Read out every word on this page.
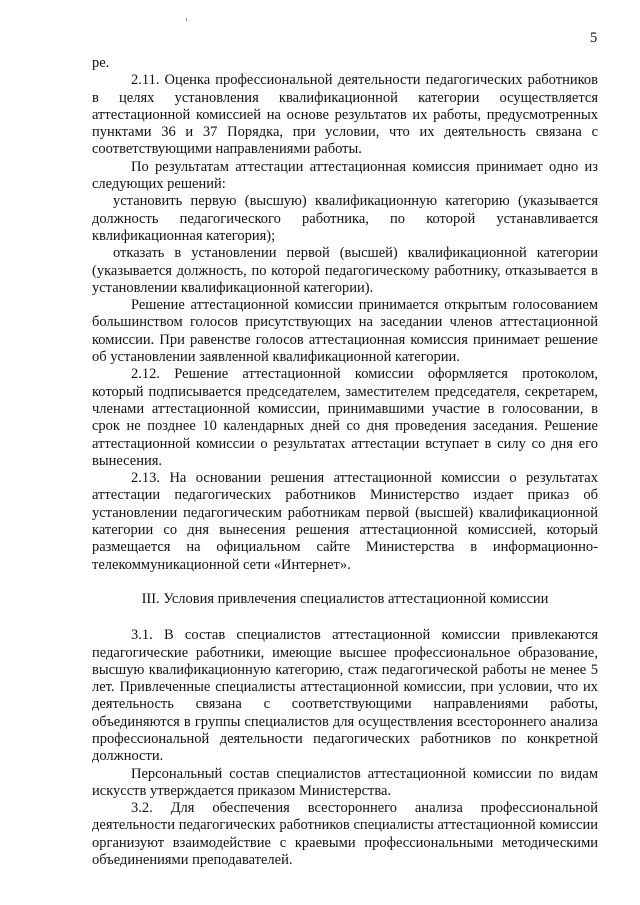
5

ре.

2.11. Оценка профессиональной деятельности педагогических работников в целях установления квалификационной категории осуществляется аттестационной комиссией на основе результатов их работы, предусмотренных пунктами 36 и 37 Порядка, при условии, что их деятельность связана с соответствующими направлениями работы.

По результатам аттестации аттестационная комиссия принимает одно из следующих решений:

установить первую (высшую) квалификационную категорию (указывается должность педагогического работника, по которой устанавливается квлификационная категория);

отказать в установлении первой (высшей) квалификационной категории (указывается должность, по которой педагогическому работнику, отказывается в установлении квалификационной категории).

Решение аттестационной комиссии принимается открытым голосованием большинством голосов присутствующих на заседании членов аттестационной комиссии. При равенстве голосов аттестационная комиссия принимает решение об установлении заявленной квалификационной категории.

2.12. Решение аттестационной комиссии оформляется протоколом, который подписывается председателем, заместителем председателя, секретарем, членами аттестационной комиссии, принимавшими участие в голосовании, в срок не позднее 10 календарных дней со дня проведения заседания. Решение аттестационной комиссии о результатах аттестации вступает в силу со дня его вынесения.

2.13. На основании решения аттестационной комиссии о результатах аттестации педагогических работников Министерство издает приказ об установлении педагогическим работникам первой (высшей) квалификационной категории со дня вынесения решения аттестационной комиссией, который размещается на официальном сайте Министерства в информационно-телекоммуникационной сети «Интернет».

III. Условия привлечения специалистов аттестационной комиссии

3.1. В состав специалистов аттестационной комиссии привлекаются педагогические работники, имеющие высшее профессиональное образование, высшую квалификационную категорию, стаж педагогической работы не менее 5 лет. Привлеченные специалисты аттестационной комиссии, при условии, что их деятельность связана с соответствующими направлениями работы, объединяются в группы специалистов для осуществления всестороннего анализа профессиональной деятельности педагогических работников по конкретной должности.

Персональный состав специалистов аттестационной комиссии по видам искусств утверждается приказом Министерства.

3.2. Для обеспечения всестороннего анализа профессиональной деятельности педагогических работников специалисты аттестационной комиссии организуют взаимодействие с краевыми профессиональными методическими объединениями преподавателей.
